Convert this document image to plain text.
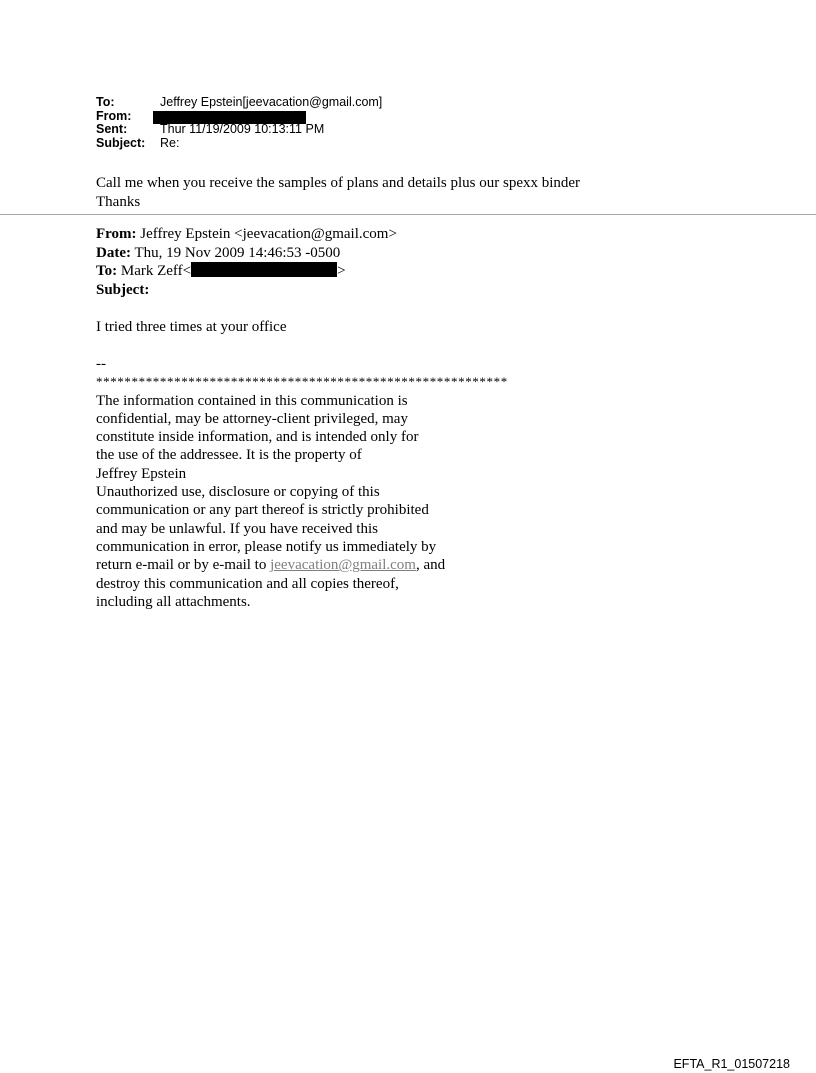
To:	Jeffrey Epstein[jeevacation@gmail.com]
From:
Sent:	Thur 11/19/2009 10:13:11 PM
Subject:	Re:
Call me when you receive the samples of plans and details plus our spexx binder
Thanks
From: Jeffrey Epstein <jeevacation@gmail.com>
Date: Thu, 19 Nov 2009 14:46:53 -0500
To: Mark Zeff<	>
Subject:
I tried three times at your office
--
**********************************************************
The information contained in this communication is
confidential, may be attorney-client privileged, may
constitute inside information, and is intended only for
the use of the addressee. It is the property of
Jeffrey Epstein
Unauthorized use, disclosure or copying of this
communication or any part thereof is strictly prohibited
and may be unlawful. If you have received this
communication in error, please notify us immediately by
return e-mail or by e-mail to jeevacation@gmail.com, and
destroy this communication and all copies thereof,
including all attachments.
EFTA_R1_01507218
